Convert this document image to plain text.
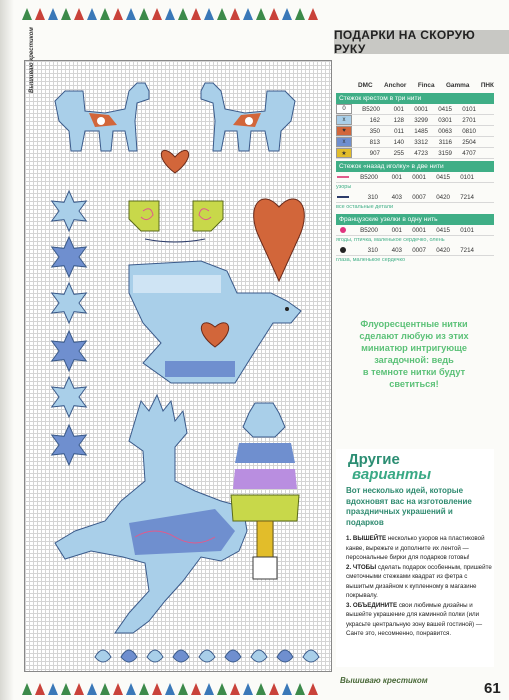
ПОДАРКИ НА СКОРУЮ РУКУ
Вышиваю крестиком	DMC Anchor Finca Gamma ПНК
Стежок крестом в три нити
0	B5200	001	0001	0415	0101
x	162	128	3299	0301	2701
♥	350	011	1485	0063	0810
x	813	140	3312	3116	2504
★	907	255	4723	3159	4707
Стежок «назад иголку» в две нити
B5200	001	0001	0415	0101
узоры
310	403	0007	0420	7214
все остальные детали
Французские узелки в одну нить
B5200	001	0001	0415	0101
ягоды, птичка, маленькое сердечко, олень
310	403	0007	0420	7214
глаза, маленькое сердечко
Флуоресцентные нитки
сделают любую из этих
миниатюр интригующе
загадочной: ведь
в темноте нитки будут
светиться!
Другие
варианты
Вот несколько идей, которые вдохновят вас на изготовление праздничных украшений и подарков
1. ВЫШЕЙТЕ несколько узоров на пластиковой канве, вырежьте и дополните их лентой — персональные бирки для подарков готовы!
2. ЧТОБЫ сделать подарок особенным, пришейте сметочными стежками квадрат из фетра с вышитым дизайном к купленному в магазине покрывалу.
3. ОБЪЕДИНИТЕ свои любимые дизайны и вышейте украшение для каминной полки (или украсьте центральную зону вашей гостиной) — Санте это, несомненно, понравится.
Вышиваю крестиком	61
